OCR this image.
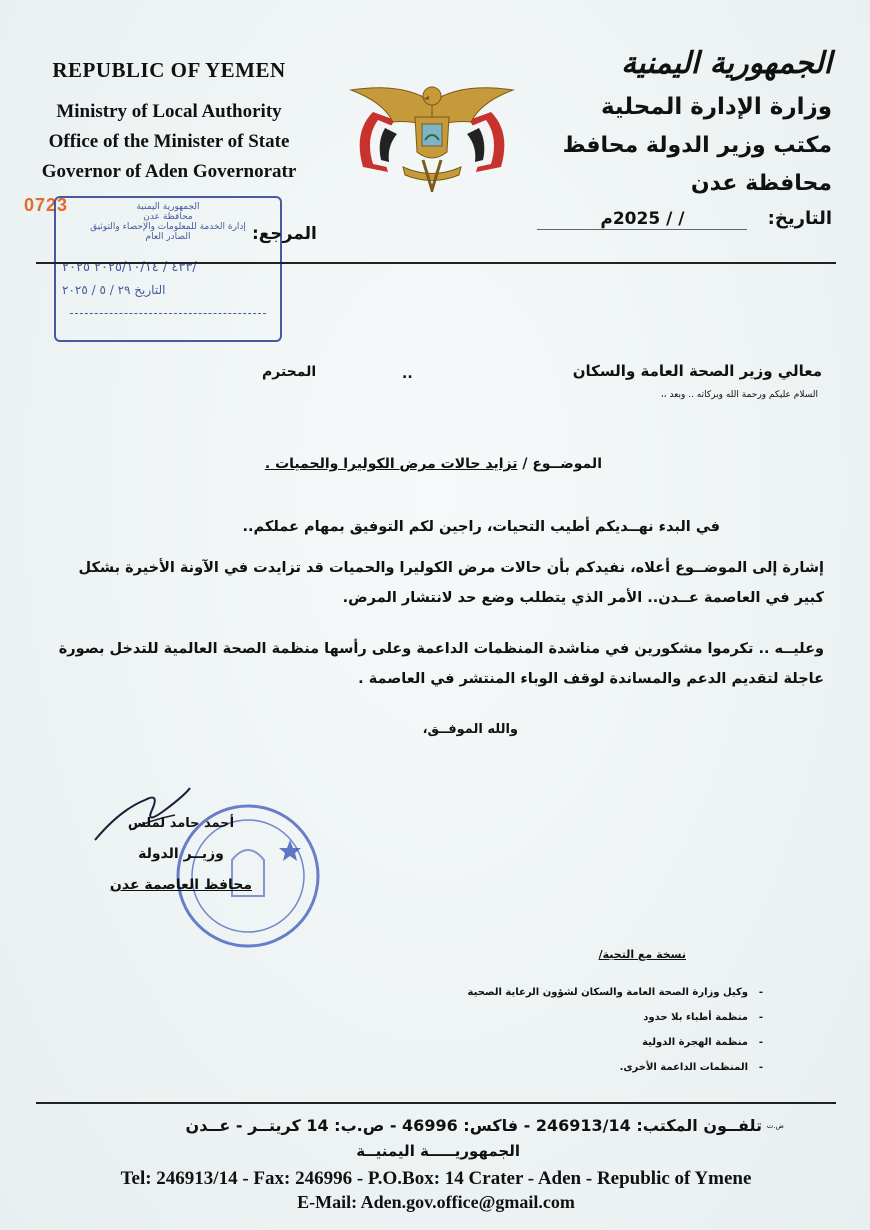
REPUBLIC OF YEMEN
Ministry of Local Authority
Office of the Minister of State
Governor of Aden Governoratr
0723
الجمهورية اليمنية
وزارة الإدارة المحلية
مكتب وزير الدولة محافظ محافظة عدن
التاريخ: / / 2025م
المرجع:
الجمهورية اليمنية
محافظة عدن
إدارة الخدمة للمعلومات والإحصاء والتوثيق
الصادر العام
٤٣٣ / ٢٠٢٥/١٠/١٤ ٢٠٢٥/
التاريخ ٢٩ / ٥ / ٢٠٢٥
معالي وزير الصحة العامة والسكان
..
المحترم
السلام عليكم ورحمة الله وبركاته .. وبعد ،،
الموضــوع / تزايد حالات مرض الكوليرا والحميات .
في البدء نهــديكم أطيب التحيات، راجين لكم التوفيق بمهام عملكم..
إشارة إلى الموضــوع أعلاه، نفيدكم بأن حالات مرض الكوليرا والحميات قد تزايدت في الآونة الأخيرة بشكل كبير في العاصمة عــدن.. الأمر الذي يتطلب وضع حد لانتشار المرض.
وعليــه .. تكرموا مشكورين في مناشدة المنظمات الداعمة وعلى رأسها منظمة الصحة العالمية للتدخل بصورة عاجلة لتقديم الدعم والمساندة لوقف الوباء المنتشر في العاصمة .
والله الموفــق،
أحمد حامد لملس
وزيــر الدولة
محافظ العاصمة عدن
نسخة مع التحية/
- وكيل وزارة الصحة العامة والسكان لشؤون الرعاية الصحية
- منظمة أطباء بلا حدود
- منظمة الهجرة الدولية
- المنظمات الداعمة الأخرى.
ض.ت
تلفــون المكتب: 246913/14 - فاكس: 46996 - ص.ب: 14 كريتــر - عــدن
الجمهوريـــــة اليمنيــة
Tel: 246913/14 - Fax: 246996 - P.O.Box: 14 Crater - Aden - Republic of Ymene
E-Mail: Aden.gov.office@gmail.com
